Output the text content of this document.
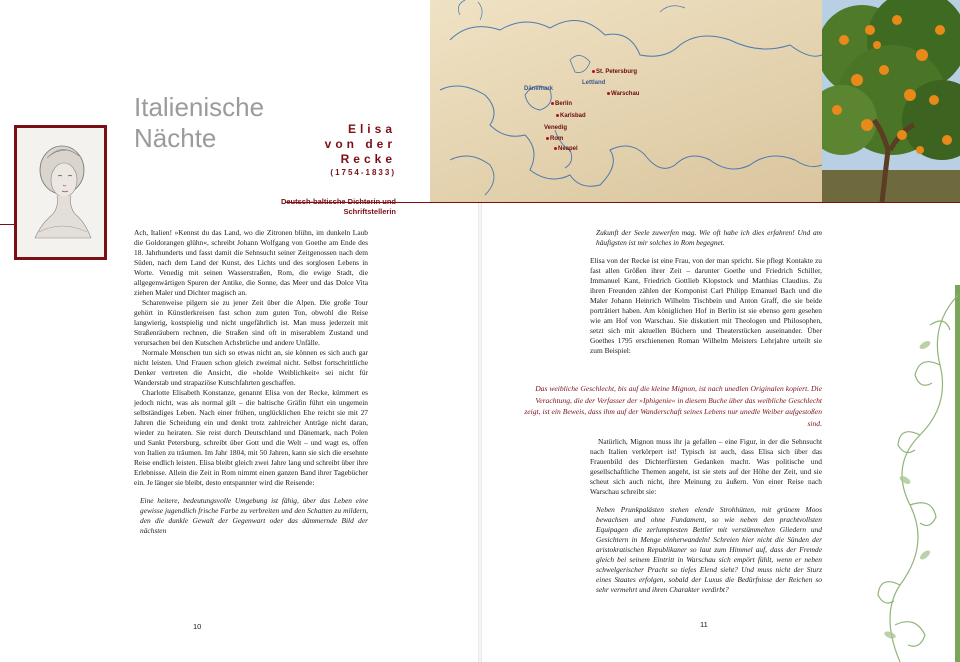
Italienische
Nächte	Elisa
von der Recke
(1754-1833)
Deutsch-baltische Dichterin und Schriftstellerin
St. Petersburg
Lettland
Dänemark
Warschau
Berlin
Karlsbad
Venedig
Rom
Neapel

Ach, Italien! »Kennst du das Land, wo die Zitronen blühn, im dunkeln Laub die Goldorangen glühn«, schreibt Johann Wolfgang von Goethe am Ende des 18. Jahrhunderts und fasst damit die Sehnsucht seiner Zeitgenossen nach dem Süden, nach dem Land der Kunst, des Lichts und des sorglosen Lebens in Worte. Venedig mit seinen Wasserstraßen, Rom, die ewige Stadt, die allgegenwärtigen Spuren der Antike, die Sonne, das Meer und das Dolce Vita ziehen Maler und Dichter magisch an.

Scharenweise pilgern sie zu jener Zeit über die Alpen. Die große Tour gehört in Künstlerkreisen fast schon zum guten Ton, obwohl die Reise langwierig, kostspielig und nicht ungefährlich ist. Man muss jederzeit mit Straßenräubern rechnen, die Straßen sind oft in miserablem Zustand und verursachen bei den Kutschen Achsbrüche und andere Unfälle.

Normale Menschen tun sich so etwas nicht an, sie können es sich auch gar nicht leisten. Und Frauen schon gleich zweimal nicht. Selbst fortschrittliche Denker vertreten die Ansicht, die »holde Weiblichkeit« sei nicht für Wanderstab und strapaziöse Kutschfahrten geschaffen.

Charlotte Elisabeth Konstanze, genannt Elisa von der Recke, kümmert es jedoch nicht, was als normal gilt – die baltische Gräfin führt ein ungemein selbständiges Leben. Nach einer frühen, unglücklichen Ehe reicht sie mit 27 Jahren die Scheidung ein und denkt trotz zahlreicher Anträge nicht daran, wieder zu heiraten. Sie reist durch Deutschland und Dänemark, nach Polen und Sankt Petersburg, schreibt über Gott und die Welt – und wagt es, offen von Italien zu träumen. Im Jahr 1804, mit 50 Jahren, kann sie sich die ersehnte Reise endlich leisten. Elisa bleibt gleich zwei Jahre lang und schreibt über ihre Erlebnisse. Allein die Zeit in Rom nimmt einen ganzen Band ihrer Tagebücher ein. Je länger sie bleibt, desto entspannter wird die Reisende:

Eine heitere, bedeutungsvolle Umgebung ist fähig, über das Leben eine gewisse jugendlich frische Farbe zu verbreiten und den Schatten zu mildern, den die dunkle Gewalt der Gegenwart oder das dämmernde Bild der nächsten

Zukunft der Seele zuwerfen mag. Wie oft habe ich dies erfahren! Und am häufigsten ist mir solches in Rom begegnet.

Elisa von der Recke ist eine Frau, von der man spricht. Sie pflegt Kontakte zu fast allen Größen ihrer Zeit – darunter Goethe und Friedrich Schiller, Immanuel Kant, Friedrich Gottlieb Klopstock und Matthias Claudius. Zu ihren Freunden zählen der Komponist Carl Philipp Emanuel Bach und die Maler Johann Heinrich Wilhelm Tischbein und Anton Graff, die sie beide porträtiert haben. Am königlichen Hof in Berlin ist sie ebenso gern gesehen wie am Hof von Warschau. Sie diskutiert mit Theologen und Philosophen, setzt sich mit aktuellen Büchern und Theaterstücken auseinander. Über Goethes 1795 erschienenen Roman Wilhelm Meisters Lehrjahre urteilt sie zum Beispiel:

Das weibliche Geschlecht, bis auf die kleine Mignon, ist nach unedlen Originalen kopiert. Die Verachtung, die der Verfasser der »Iphigenie« in diesem Buche über das weibliche Geschlecht zeigt, ist ein Beweis, dass ihm auf der Wanderschaft seines Lebens nur unedle Weiber aufgestoßen sind.

Natürlich, Mignon muss ihr ja gefallen – eine Figur, in der die Sehnsucht nach Italien verkörpert ist! Typisch ist auch, dass Elisa sich über das Frauenbild des Dichterfürsten Gedanken macht. Was politische und gesellschaftliche Themen angeht, ist sie stets auf der Höhe der Zeit, und sie scheut sich auch nicht, ihre Meinung zu äußern. Von einer Reise nach Warschau schreibt sie:

Neben Prunkpalästen stehen elende Strohhütten, mit grünem Moos bewachsen und ohne Fundament, so wie neben den prachtvollsten Equipagen die zerlumptesten Bettler mit verstümmelten Gliedern und Gesichtern in Menge einherwandeln! Schreien hier nicht die Sünden der aristokratischen Republikaner so laut zum Himmel auf, dass der Fremde gleich bei seinem Eintritt in Warschau sich empört fühlt, wenn er neben schwelgerischer Pracht so tiefes Elend sieht? Und muss nicht der Sturz eines Staates erfolgen, sobald der Luxus die Bedürfnisse der Reichen so sehr vermehrt und ihren Charakter verdirbt?

10	11
